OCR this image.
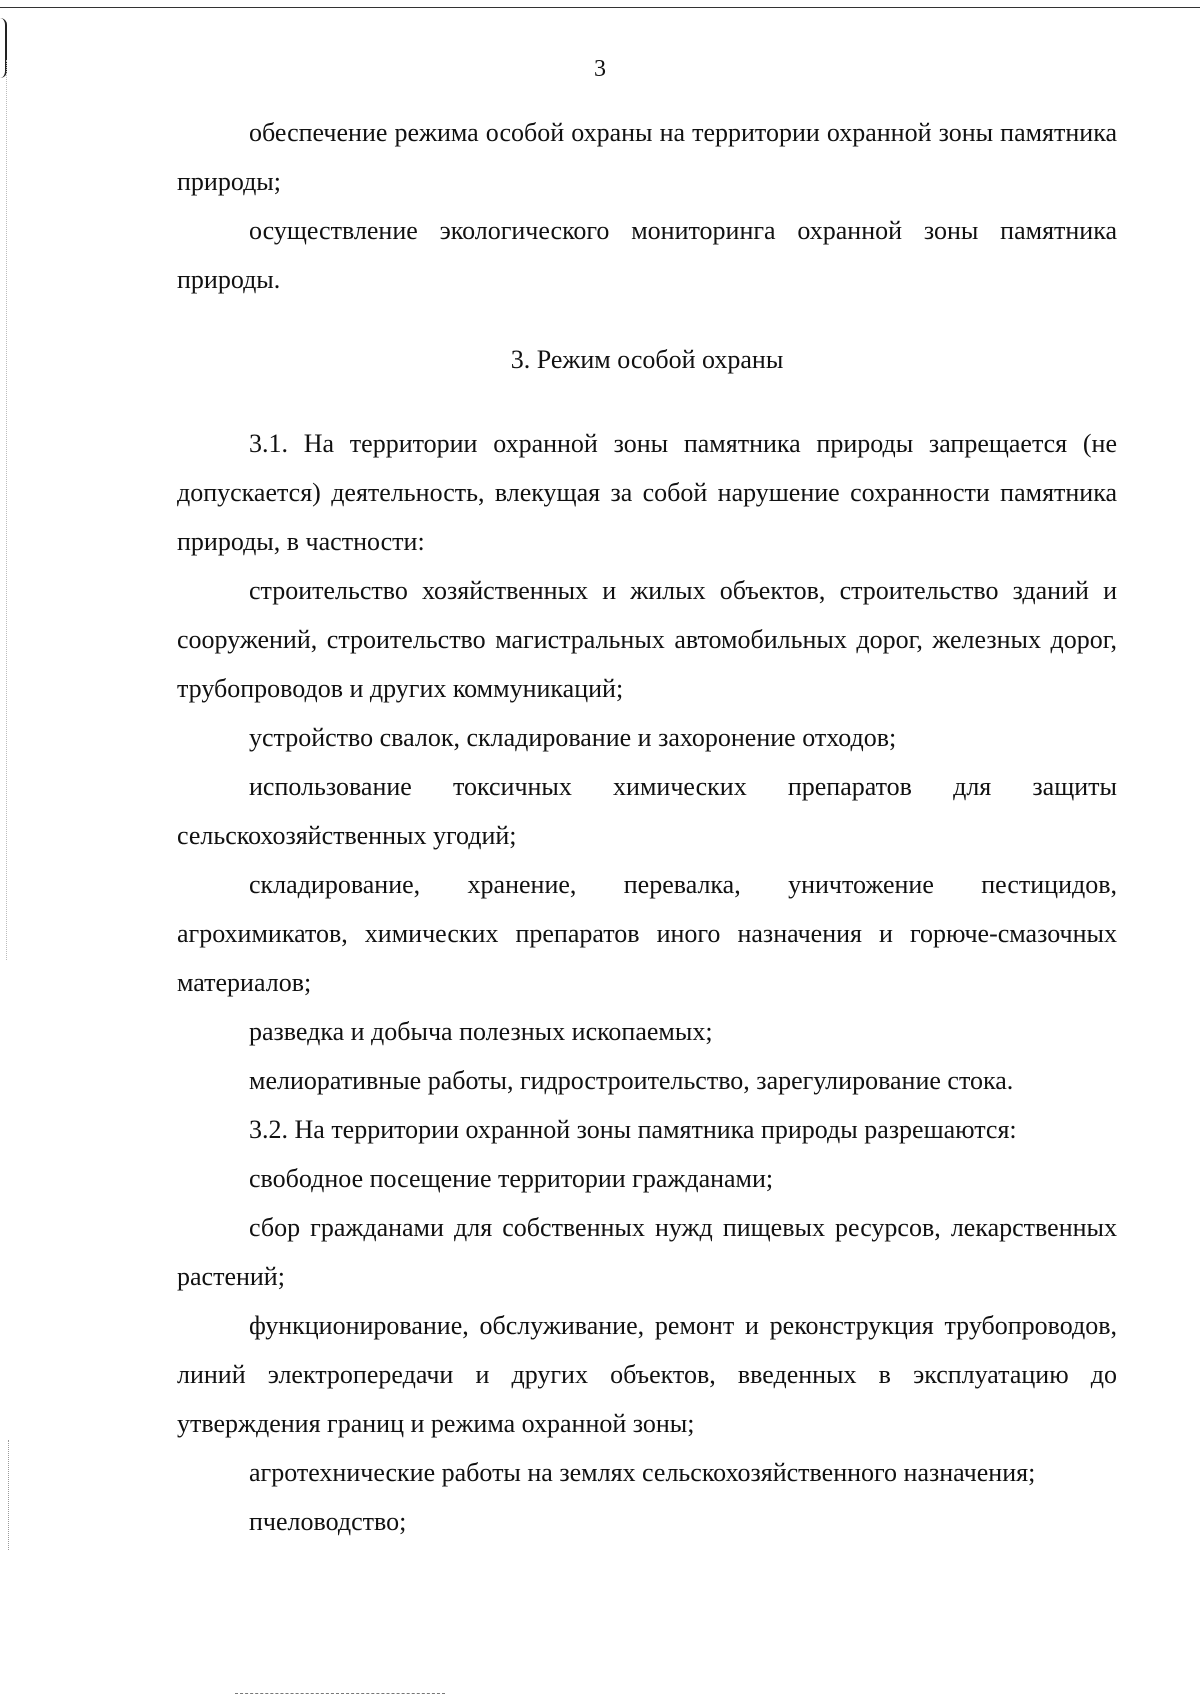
3

обеспечение режима особой охраны на территории охранной зоны памятника природы;

осуществление экологического мониторинга охранной зоны памятника природы.

3. Режим особой охраны

3.1. На территории охранной зоны памятника природы запрещается (не допускается) деятельность, влекущая за собой нарушение сохранности памятника природы, в частности:

строительство хозяйственных и жилых объектов, строительство зданий и сооружений, строительство магистральных автомобильных дорог, железных дорог, трубопроводов и других коммуникаций;

устройство свалок, складирование и захоронение отходов;

использование токсичных химических препаратов для защиты сельскохозяйственных угодий;

складирование, хранение, перевалка, уничтожение пестицидов, агрохимикатов, химических препаратов иного назначения и горюче-смазочных материалов;

разведка и добыча полезных ископаемых;

мелиоративные работы, гидростроительство, зарегулирование стока.

3.2. На территории охранной зоны памятника природы разрешаются:

свободное посещение территории гражданами;

сбор гражданами для собственных нужд пищевых ресурсов, лекарственных растений;

функционирование, обслуживание, ремонт и реконструкция трубопроводов, линий электропередачи и других объектов, введенных в эксплуатацию до утверждения границ и режима охранной зоны;

агротехнические работы на землях сельскохозяйственного назначения;

пчеловодство;
